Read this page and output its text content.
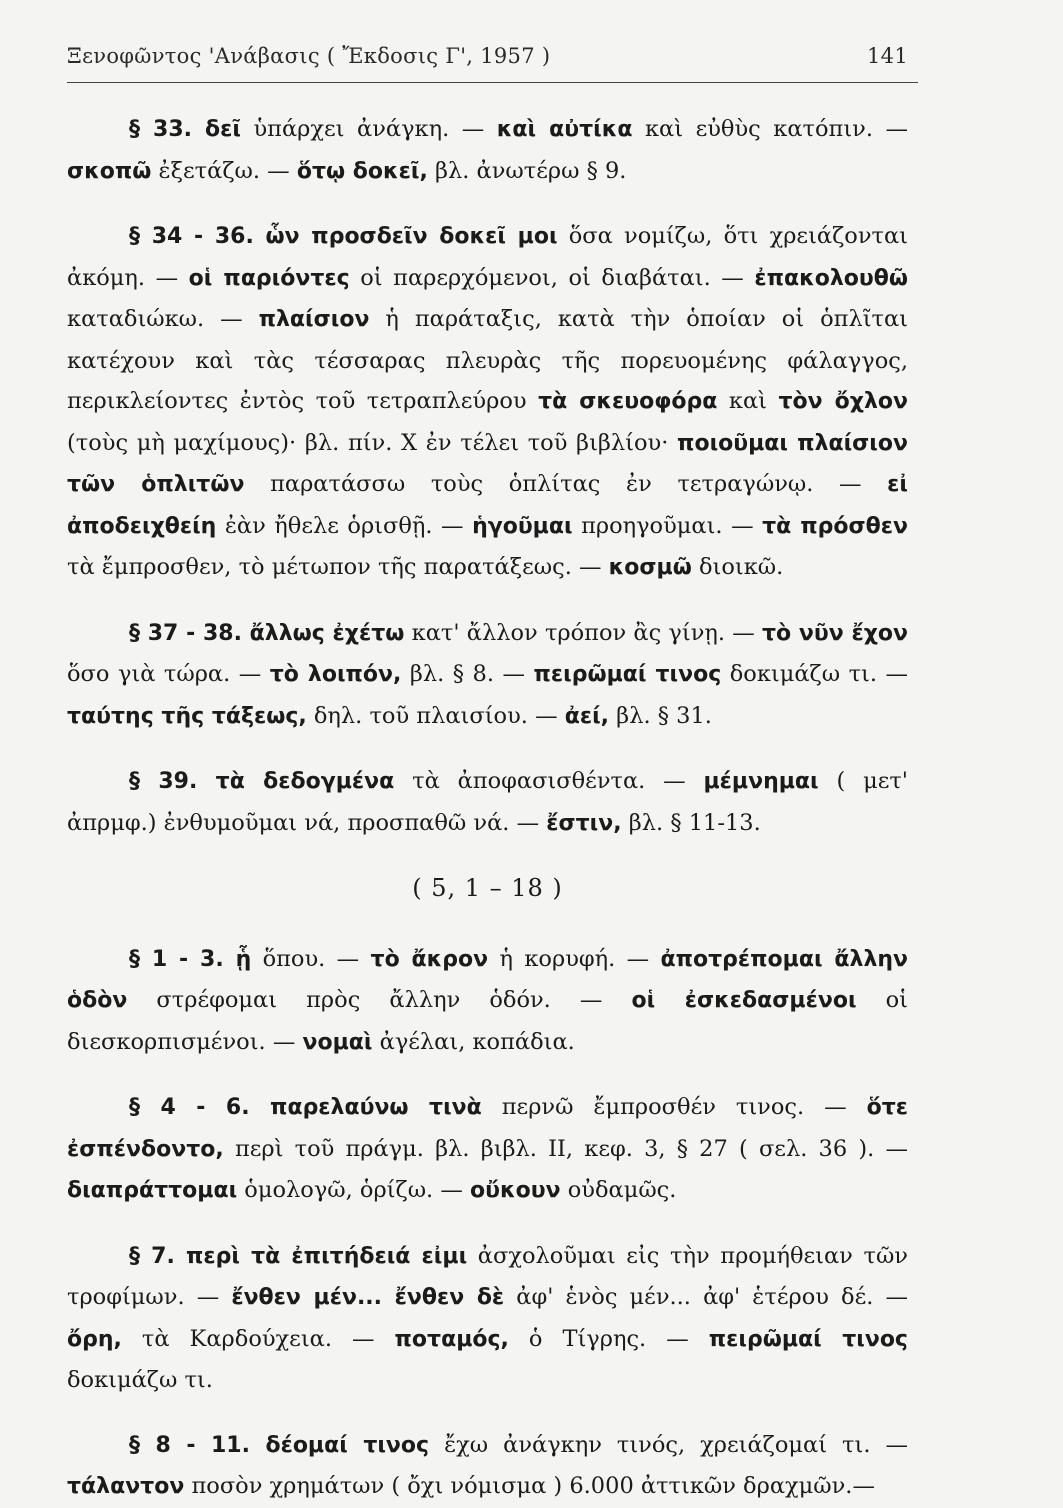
Ξενοφῶντος 'Ανάβασις ( Ἔκδοσις Γ', 1957 )	141

§ 33. δεῖ ὑπάρχει ἀνάγκη. — καὶ αὐτίκα καὶ εὐθὺς κατόπιν. — σκοπῶ ἐξετάζω. — ὅτῳ δοκεῖ, βλ. ἀνωτέρω § 9.

§ 34 - 36. ὧν προσδεῖν δοκεῖ μοι ὅσα νομίζω, ὅτι χρειάζονται ἀκόμη. — οἱ παριόντες οἱ παρερχόμενοι, οἱ διαβάται. — ἐπακολουθῶ καταδιώκω. — πλαίσιον ἡ παράταξις, κατὰ τὴν ὁποίαν οἱ ὁπλῖται κατέχουν καὶ τὰς τέσσαρας πλευρὰς τῆς πορευομένης φάλαγγος, περικλείοντες ἐντὸς τοῦ τετραπλεύρου τὰ σκευοφόρα καὶ τὸν ὄχλον (τοὺς μὴ μαχίμους)· βλ. πίν. Χ ἐν τέλει τοῦ βιβλίου· ποιοῦμαι πλαίσιον τῶν ὁπλιτῶν παρατάσσω τοὺς ὁπλίτας ἐν τετραγώνῳ. — εἰ ἀποδειχθείη ἐὰν ἤθελε ὁρισθῇ. — ἡγοῦμαι προηγοῦμαι. — τὰ πρόσθεν τὰ ἔμπροσθεν, τὸ μέτωπον τῆς παρατάξεως. — κοσμῶ διοικῶ.

§ 37 - 38. ἄλλως ἐχέτω κατ' ἄλλον τρόπον ἂς γίνῃ. — τὸ νῦν ἔχον ὅσο γιὰ τώρα. — τὸ λοιπόν, βλ. § 8. — πειρῶμαί τινος δοκιμάζω τι. — ταύτης τῆς τάξεως, δηλ. τοῦ πλαισίου. — ἀεί, βλ. § 31.

§ 39. τὰ δεδογμένα τὰ ἀποφασισθέντα. — μέμνημαι ( μετ' ἀπρμφ.) ἐνθυμοῦμαι νά, προσπαθῶ νά. — ἔστιν, βλ. § 11-13.

( 5, 1 – 18 )

§ 1 - 3. ᾗ ὅπου. — τὸ ἄκρον ἡ κορυφή. — ἀποτρέπομαι ἄλλην ὁδὸν στρέφομαι πρὸς ἄλλην ὁδόν. — οἱ ἐσκεδασμένοι οἱ διεσκορπισμένοι. — νομαὶ ἀγέλαι, κοπάδια.

§ 4 - 6. παρελαύνω τινὰ περνῶ ἔμπροσθέν τινος. — ὅτε ἐσπένδοντο, περὶ τοῦ πράγμ. βλ. βιβλ. II, κεφ. 3, § 27 ( σελ. 36 ). — διαπράττομαι ὁμολογῶ, ὁρίζω. — οὔκουν οὐδαμῶς.

§ 7. περὶ τὰ ἐπιτήδειά εἰμι ἀσχολοῦμαι εἰς τὴν προμήθειαν τῶν τροφίμων. — ἔνθεν μέν... ἔνθεν δὲ ἀφ' ἑνὸς μέν... ἀφ' ἑτέρου δέ. — ὄρη, τὰ Καρδούχεια. — ποταμός, ὁ Τίγρης. — πειρῶμαί τινος δοκιμάζω τι.

§ 8 - 11. δέομαί τινος ἔχω ἀνάγκην τινός, χρειάζομαί τι. — τάλαντον ποσὸν χρημάτων ( ὄχι νόμισμα ) 6.000 ἀττικῶν δραχμῶν.—
